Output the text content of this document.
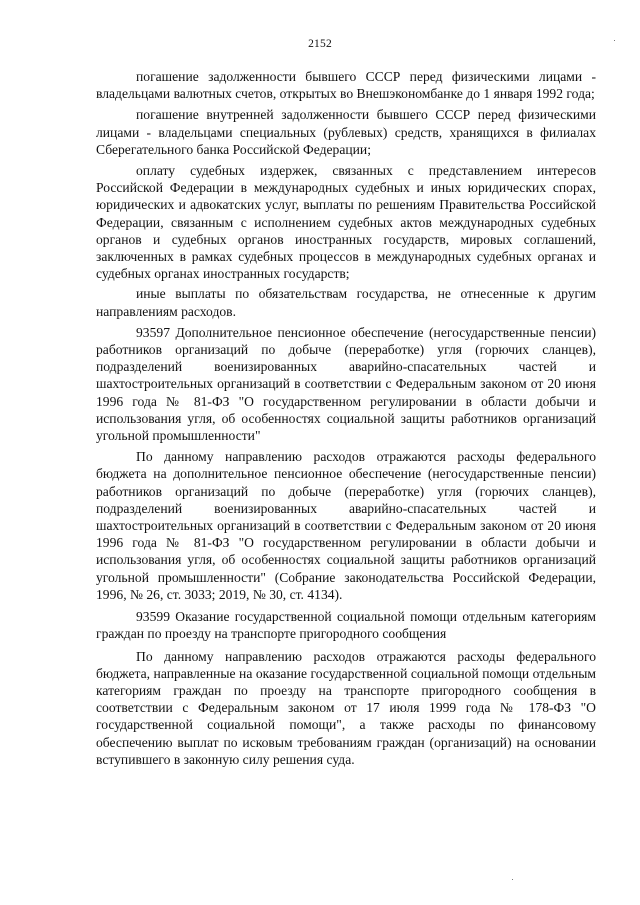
2152

погашение задолженности бывшего СССР перед физическими лицами - владельцами валютных счетов, открытых во Внешэкономбанке до 1 января 1992 года;

погашение внутренней задолженности бывшего СССР перед физическими лицами - владельцами специальных (рублевых) средств, хранящихся в филиалах Сберегательного банка Российской Федерации;

оплату судебных издержек, связанных с представлением интересов Российской Федерации в международных судебных и иных юридических спорах, юридических и адвокатских услуг, выплаты по решениям Правительства Российской Федерации, связанным с исполнением судебных актов международных судебных органов и судебных органов иностранных государств, мировых соглашений, заключенных в рамках судебных процессов в международных судебных органах и судебных органах иностранных государств;

иные выплаты по обязательствам государства, не отнесенные к другим направлениям расходов.

93597 Дополнительное пенсионное обеспечение (негосударственные пенсии) работников организаций по добыче (переработке) угля (горючих сланцев), подразделений военизированных аварийно-спасательных частей и шахтостроительных организаций в соответствии с Федеральным законом от 20 июня 1996 года № 81-ФЗ "О государственном регулировании в области добычи и использования угля, об особенностях социальной защиты работников организаций угольной промышленности"

По данному направлению расходов отражаются расходы федерального бюджета на дополнительное пенсионное обеспечение (негосударственные пенсии) работников организаций по добыче (переработке) угля (горючих сланцев), подразделений военизированных аварийно-спасательных частей и шахтостроительных организаций в соответствии с Федеральным законом от 20 июня 1996 года № 81-ФЗ "О государственном регулировании в области добычи и использования угля, об особенностях социальной защиты работников организаций угольной промышленности" (Собрание законодательства Российской Федерации, 1996, № 26, ст. 3033; 2019, № 30, ст. 4134).

93599 Оказание государственной социальной помощи отдельным категориям граждан по проезду на транспорте пригородного сообщения

По данному направлению расходов отражаются расходы федерального бюджета, направленные на оказание государственной социальной помощи отдельным категориям граждан по проезду на транспорте пригородного сообщения в соответствии с Федеральным законом от 17 июля 1999 года № 178-ФЗ "О государственной социальной помощи", а также расходы по финансовому обеспечению выплат по исковым требованиям граждан (организаций) на основании вступившего в законную силу решения суда.
